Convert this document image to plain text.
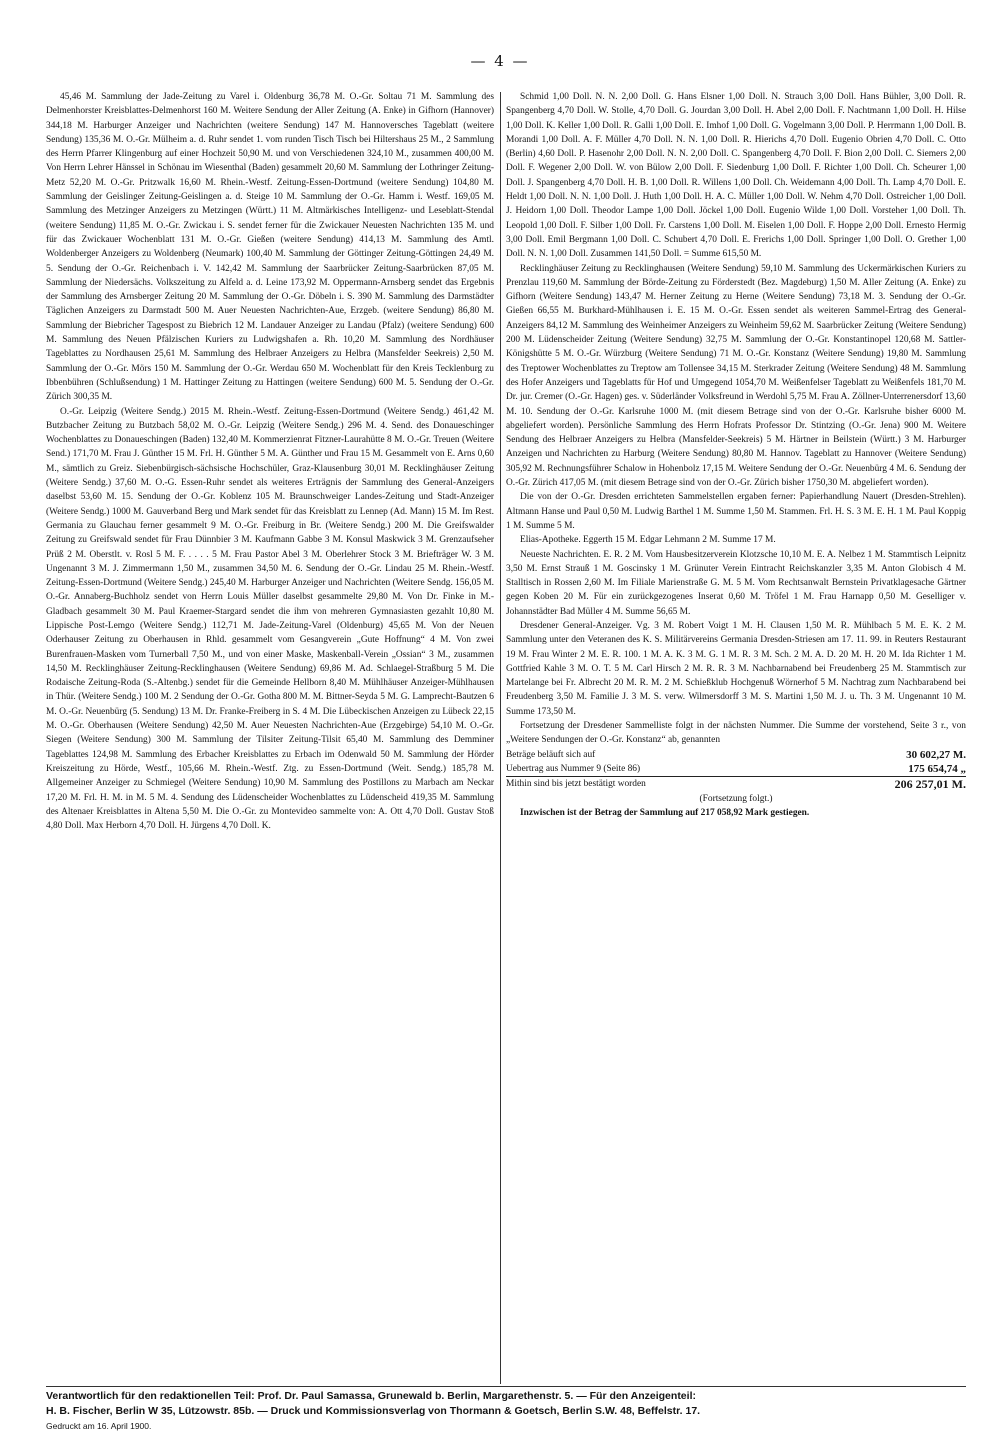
— 4 —

45,46 M. Sammlung der Jade-Zeitung zu Varel i. Oldenburg 36,78 M. O.-Gr. Soltau 71 M. Sammlung des Delmenhorster Kreisblattes-Delmenhorst 160 M. Weitere Sendung der Aller Zeitung (A. Enke) in Gifhorn (Hannover) 344,18 M. Harburger Anzeiger und Nachrichten (weitere Sendung) 147 M. Hannoversches Tageblatt (weitere Sendung) 135,36 M. O.-Gr. Mülheim a. d. Ruhr sendet 1. vom runden Tisch Tisch bei Hiltershaus 25 M., 2 Sammlung des Herrn Pfarrer Klingenburg auf einer Hochzeit 50,90 M. und von Verschiedenen 324,10 M., zusammen 400,00 M. Von Herrn Lehrer Hänssel in Schönau im Wiesenthal (Baden) gesammelt 20,60 M. Sammlung der Lothringer Zeitung-Metz 52,20 M. O.-Gr. Pritzwalk 16,60 M. Rhein.-Westf. Zeitung-Essen-Dortmund (weitere Sendung) 104,80 M. Sammlung der Geislinger Zeitung-Geislingen a. d. Steige 10 M. Sammlung der O.-Gr. Hamm i. Westf. 169,05 M. Sammlung des Metzinger Anzeigers zu Metzingen (Württ.) 11 M. Altmärkisches Intelligenz- und Leseblatt-Stendal (weitere Sendung) 11,85 M. O.-Gr. Zwickau i. S. sendet ferner für die Zwickauer Neuesten Nachrichten 135 M. und für das Zwickauer Wochenblatt 131 M. O.-Gr. Gießen (weitere Sendung) 414,13 M. Sammlung des Amtl. Woldenberger Anzeigers zu Woldenberg (Neumark) 100,40 M. Sammlung der Göttinger Zeitung-Göttingen 24,49 M. 5. Sendung der O.-Gr. Reichenbach i. V. 142,42 M. Sammlung der Saarbrücker Zeitung-Saarbrücken 87,05 M. Sammlung der Niedersächs. Volkszeitung zu Alfeld a. d. Leine 173,92 M. Oppermann-Arnsberg sendet das Ergebnis der Sammlung des Arnsberger Zeitung 20 M. Sammlung der O.-Gr. Döbeln i. S. 390 M. Sammlung des Darmstädter Täglichen Anzeigers zu Darmstadt 500 M. Auer Neuesten Nachrichten-Aue, Erzgeb. (weitere Sendung) 86,80 M. Sammlung der Biebricher Tagespost zu Biebrich 12 M. Landauer Anzeiger zu Landau (Pfalz) (weitere Sendung) 600 M. Sammlung des Neuen Pfälzischen Kuriers zu Ludwigshafen a. Rh. 10,20 M. Sammlung des Nordhäuser Tageblattes zu Nordhausen 25,61 M. Sammlung des Helbraer Anzeigers zu Helbra (Mansfelder Seekreis) 2,50 M. Sammlung der O.-Gr. Mörs 150 M. Sammlung der O.-Gr. Werdau 650 M. Wochenblatt für den Kreis Tecklenburg zu Ibbenbühren (Schlußsendung) 1 M. Hattinger Zeitung zu Hattingen (weitere Sendung) 600 M. 5. Sendung der O.-Gr. Zürich 300,35 M.

O.-Gr. Leipzig (Weitere Sendg.) 2015 M. Rhein.-Westf. Zeitung-Essen-Dortmund (Weitere Sendg.) 461,42 M. Butzbacher Zeitung zu Butzbach 58,02 M. O.-Gr. Leipzig (Weitere Sendg.) 296 M. 4. Send. des Donaueschinger Wochenblattes zu Donaueschingen (Baden) 132,40 M. Kommerzienrat Fitzner-Laurahütte 8 M. O.-Gr. Treuen (Weitere Send.) 171,70 M. Frau J. Günther 15 M. Frl. H. Günther 5 M. A. Günther und Frau 15 M. Gesammelt von E. Arns 0,60 M., sämtlich zu Greiz. Siebenbürgisch-sächsische Hochschüler, Graz-Klausenburg 30,01 M. Recklinghäuser Zeitung (Weitere Sendg.) 37,60 M. O.-G. Essen-Ruhr sendet als weiteres Erträgnis der Sammlung des General-Anzeigers daselbst 53,60 M. 15. Sendung der O.-Gr. Koblenz 105 M. Braunschweiger Landes-Zeitung und Stadt-Anzeiger (Weitere Sendg.) 1000 M. Gauverband Berg und Mark sendet für das Kreisblatt zu Lennep (Ad. Mann) 15 M. Im Rest. Germania zu Glauchau ferner gesammelt 9 M. O.-Gr. Freiburg in Br. (Weitere Sendg.) 200 M. Die Greifswalder Zeitung zu Greifswald sendet für Frau Dünnbier 3 M. Kaufmann Gabbe 3 M. Konsul Maskwick 3 M. Grenzaufseher Prüß 2 M. Oberstlt. v. Rosl 5 M. F. . . . . 5 M. Frau Pastor Abel 3 M. Oberlehrer Stock 3 M. Briefträger W. 3 M. Ungenannt 3 M. J. Zimmermann 1,50 M., zusammen 34,50 M. 6. Sendung der O.-Gr. Lindau 25 M. Rhein.-Westf. Zeitung-Essen-Dortmund (Weitere Sendg.) 245,40 M. Harburger Anzeiger und Nachrichten (Weitere Sendg. 156,05 M. O.-Gr. Annaberg-Buchholz sendet von Herrn Louis Müller daselbst gesammelte 29,80 M. Von Dr. Finke in M.-Gladbach gesammelt 30 M. Paul Kraemer-Stargard sendet die ihm von mehreren Gymnasiasten gezahlt 10,80 M. Lippische Post-Lemgo (Weitere Sendg.) 112,71 M. Jade-Zeitung-Varel (Oldenburg) 45,65 M. Von der Neuen Oderhauser Zeitung zu Oberhausen in Rhld. gesammelt vom Gesangverein „Gute Hoffnung“ 4 M. Von zwei Burenfrauen-Masken vom Turnerball 7,50 M., und von einer Maske, Maskenball-Verein „Ossian“ 3 M., zusammen 14,50 M. Recklinghäuser Zeitung-Recklinghausen (Weitere Sendung) 69,86 M. Ad. Schlaegel-Straßburg 5 M. Die Rodaische Zeitung-Roda (S.-Altenbg.) sendet für die Gemeinde Hellborn 8,40 M. Mühlhäuser Anzeiger-Mühlhausen in Thür. (Weitere Sendg.) 100 M. 2 Sendung der O.-Gr. Gotha 800 M. M. Bittner-Seyda 5 M. G. Lamprecht-Bautzen 6 M. O.-Gr. Neuenbürg (5. Sendung) 13 M. Dr. Franke-Freiberg in S. 4 M. Die Lübeckischen Anzeigen zu Lübeck 22,15 M. O.-Gr. Oberhausen (Weitere Sendung) 42,50 M. Auer Neuesten Nachrichten-Aue (Erzgebirge) 54,10 M. O.-Gr. Siegen (Weitere Sendung) 300 M. Sammlung der Tilsiter Zeitung-Tilsit 65,40 M. Sammlung des Demminer Tageblattes 124,98 M. Sammlung des Erbacher Kreisblattes zu Erbach im Odenwald 50 M. Sammlung der Hörder Kreiszeitung zu Hörde, Westf., 105,66 M. Rhein.-Westf. Ztg. zu Essen-Dortmund (Weit. Sendg.) 185,78 M. Allgemeiner Anzeiger zu Schmiegel (Weitere Sendung) 10,90 M. Sammlung des Postillons zu Marbach am Neckar 17,20 M. Frl. H. M. in M. 5 M. 4. Sendung des Lüdenscheider Wochenblattes zu Lüdenscheid 419,35 M. Sammlung des Altenaer Kreisblattes in Altena 5,50 M. Die O.-Gr. zu Montevideo sammelte von: A. Ott 4,70 Doll. Gustav Stoß 4,80 Doll. Max Herborn 4,70 Doll. H. Jürgens 4,70 Doll. K.

Schmid 1,00 Doll. N. N. 2,00 Doll. G. Hans Elsner 1,00 Doll. N. Strauch 3,00 Doll. Hans Bühler, 3,00 Doll. R. Spangenberg 4,70 Doll. W. Stolle, 4,70 Doll. G. Jourdan 3,00 Doll. H. Abel 2,00 Doll. F. Nachtmann 1,00 Doll. H. Hilse 1,00 Doll. K. Keller 1,00 Doll. R. Galli 1,00 Doll. E. Imhof 1,00 Doll. G. Vogelmann 3,00 Doll. P. Herrmann 1,00 Doll. B. Morandi 1,00 Doll. A. F. Müller 4,70 Doll. N. N. 1,00 Doll. R. Hierichs 4,70 Doll. Eugenio Obrien 4,70 Doll. C. Otto (Berlin) 4,60 Doll. P. Hasenohr 2,00 Doll. N. N. 2,00 Doll. C. Spangenberg 4,70 Doll. F. Bion 2,00 Doll. C. Siemers 2,00 Doll. F. Wegener 2,00 Doll. W. von Bülow 2,00 Doll. F. Siedenburg 1,00 Doll. F. Richter 1,00 Doll. Ch. Scheurer 1,00 Doll. J. Spangenberg 4,70 Doll. H. B. 1,00 Doll. R. Willens 1,00 Doll. Ch. Weidemann 4,00 Doll. Th. Lamp 4,70 Doll. E. Heldt 1,00 Doll. N. N. 1,00 Doll. J. Huth 1,00 Doll. H. A. C. Müller 1,00 Doll. W. Nehm 4,70 Doll. Ostreicher 1,00 Doll. J. Heidorn 1,00 Doll. Theodor Lampe 1,00 Doll. Jöckel 1,00 Doll. Eugenio Wilde 1,00 Doll. Vorsteher 1,00 Doll. Th. Leopold 1,00 Doll. F. Silber 1,00 Doll. Fr. Carstens 1,00 Doll. M. Eiselen 1,00 Doll. F. Hoppe 2,00 Doll. Ernesto Hermig 3,00 Doll. Emil Bergmann 1,00 Doll. C. Schubert 4,70 Doll. E. Frerichs 1,00 Doll. Springer 1,00 Doll. O. Grether 1,00 Doll. N. N. 1,00 Doll. Zusammen 141,50 Doll. = Summe 615,50 M.

Recklinghäuser Zeitung zu Recklinghausen (Weitere Sendung) 59,10 M. Sammlung des Uckermärkischen Kuriers zu Prenzlau 119,60 M. Sammlung der Börde-Zeitung zu Förderstedt (Bez. Magdeburg) 1,50 M. Aller Zeitung (A. Enke) zu Gifhorn (Weitere Sendung) 143,47 M. Herner Zeitung zu Herne (Weitere Sendung) 73,18 M. 3. Sendung der O.-Gr. Gießen 66,55 M. Burkhard-Mühlhausen i. E. 15 M. O.-Gr. Essen sendet als weiteren Sammel-Ertrag des General-Anzeigers 84,12 M. Sammlung des Weinheimer Anzeigers zu Weinheim 59,62 M. Saarbrücker Zeitung (Weitere Sendung) 200 M. Lüdenscheider Zeitung (Weitere Sendung) 32,75 M. Sammlung der O.-Gr. Konstantinopel 120,68 M. Sattler-Königshütte 5 M. O.-Gr. Würzburg (Weitere Sendung) 71 M. O.-Gr. Konstanz (Weitere Sendung) 19,80 M. Sammlung des Treptower Wochenblattes zu Treptow am Tollensee 34,15 M. Sterkrader Zeitung (Weitere Sendung) 48 M. Sammlung des Hofer Anzeigers und Tageblatts für Hof und Umgegend 1054,70 M. Weißenfelser Tageblatt zu Weißenfels 181,70 M. Dr. jur. Cremer (O.-Gr. Hagen) ges. v. Süderländer Volksfreund in Werdohl 5,75 M. Frau A. Zöllner-Unterrenersdorf 13,60 M. 10. Sendung der O.-Gr. Karlsruhe 1000 M. (mit diesem Betrage sind von der O.-Gr. Karlsruhe bisher 6000 M. abgeliefert worden). Persönliche Sammlung des Herrn Hofrats Professor Dr. Stintzing (O.-Gr. Jena) 900 M. Weitere Sendung des Helbraer Anzeigers zu Helbra (Mansfelder-Seekreis) 5 M. Härtner in Beilstein (Württ.) 3 M. Harburger Anzeigen und Nachrichten zu Harburg (Weitere Sendung) 80,80 M. Hannov. Tageblatt zu Hannover (Weitere Sendung) 305,92 M. Rechnungsführer Schalow in Hohenbolz 17,15 M. Weitere Sendung der O.-Gr. Neuenbürg 4 M. 6. Sendung der O.-Gr. Zürich 417,05 M. (mit diesem Betrage sind von der O.-Gr. Zürich bisher 1750,30 M. abgeliefert worden).

Die von der O.-Gr. Dresden errichteten Sammelstellen ergaben ferner: Papierhandlung Nauert (Dresden-Strehlen). Altmann Hanse und Paul 0,50 M. Ludwig Barthel 1 M. Summe 1,50 M. Stammen. Frl. H. S. 3 M. E. H. 1 M. Paul Koppig 1 M. Summe 5 M.

Elias-Apotheke. Eggerth 15 M. Edgar Lehmann 2 M. Summe 17 M.

Neueste Nachrichten. E. R. 2 M. Vom Hausbesitzerverein Klotzsche 10,10 M. E. A. Nelbez 1 M. Stammtisch Leipnitz 3,50 M. Ernst Strauß 1 M. Goscinsky 1 M. Grünuter Verein Eintracht Reichskanzler 3,35 M. Anton Globisch 4 M. Stalltisch in Rossen 2,60 M. Im Filiale Marienstraße G. M. 5 M. Vom Rechtsanwalt Bernstein Privatklagesache Gärtner gegen Koben 20 M. Für ein zurückgezogenes Inserat 0,60 M. Tröfel 1 M. Frau Harnapp 0,50 M. Geselliger v. Johannstädter Bad Müller 4 M. Summe 56,65 M.

Dresdener General-Anzeiger. Vg. 3 M. Robert Voigt 1 M. H. Clausen 1,50 M. R. Mühlbach 5 M. E. K. 2 M. Sammlung unter den Veteranen des K. S. Militärvereins Germania Dresden-Striesen am 17. 11. 99. in Reuters Restaurant 19 M. Frau Winter 2 M. E. R. 100. 1 M. A. K. 3 M. G. 1 M. R. 3 M. Sch. 2 M. A. D. 20 M. H. 20 M. Ida Richter 1 M. Gottfried Kahle 3 M. O. T. 5 M. Carl Hirsch 2 M. R. R. 3 M. Nachbarnabend bei Freudenberg 25 M. Stammtisch zur Martelange bei Fr. Albrecht 20 M. R. M. 2 M. Schießklub Hochgenuß Wörnerhof 5 M. Nachtrag zum Nachbarabend bei Freudenberg 3,50 M. Familie J. 3 M. S. verw. Wilmersdorff 3 M. S. Martini 1,50 M. J. u. Th. 3 M. Ungenannt 10 M. Summe 173,50 M.

Fortsetzung der Dresdener Sammelliste folgt in der nächsten Nummer. Die Summe der vorstehend, Seite 3 r., von „Weitere Sendungen der O.-Gr. Konstanz“ ab, genannten

Beträge beläuft sich auf	30 602,27 M.
Uebertrag aus Nummer 9 (Seite 86)	175 654,74 „
Mithin sind bis jetzt bestätigt worden	206 257,01 M.
(Fortsetzung folgt.)

Inzwischen ist der Betrag der Sammlung auf 217 058,92 Mark gestiegen.

Verantwortlich für den redaktionellen Teil: Prof. Dr. Paul Samassa, Grunewald b. Berlin, Margarethenstr. 5. — Für den Anzeigenteil:
H. B. Fischer, Berlin W 35, Lützowstr. 85b. — Druck und Kommissionsverlag von Thormann & Goetsch, Berlin S.W. 48, Beffelstr. 17.
Gedruckt am 16. April 1900.
